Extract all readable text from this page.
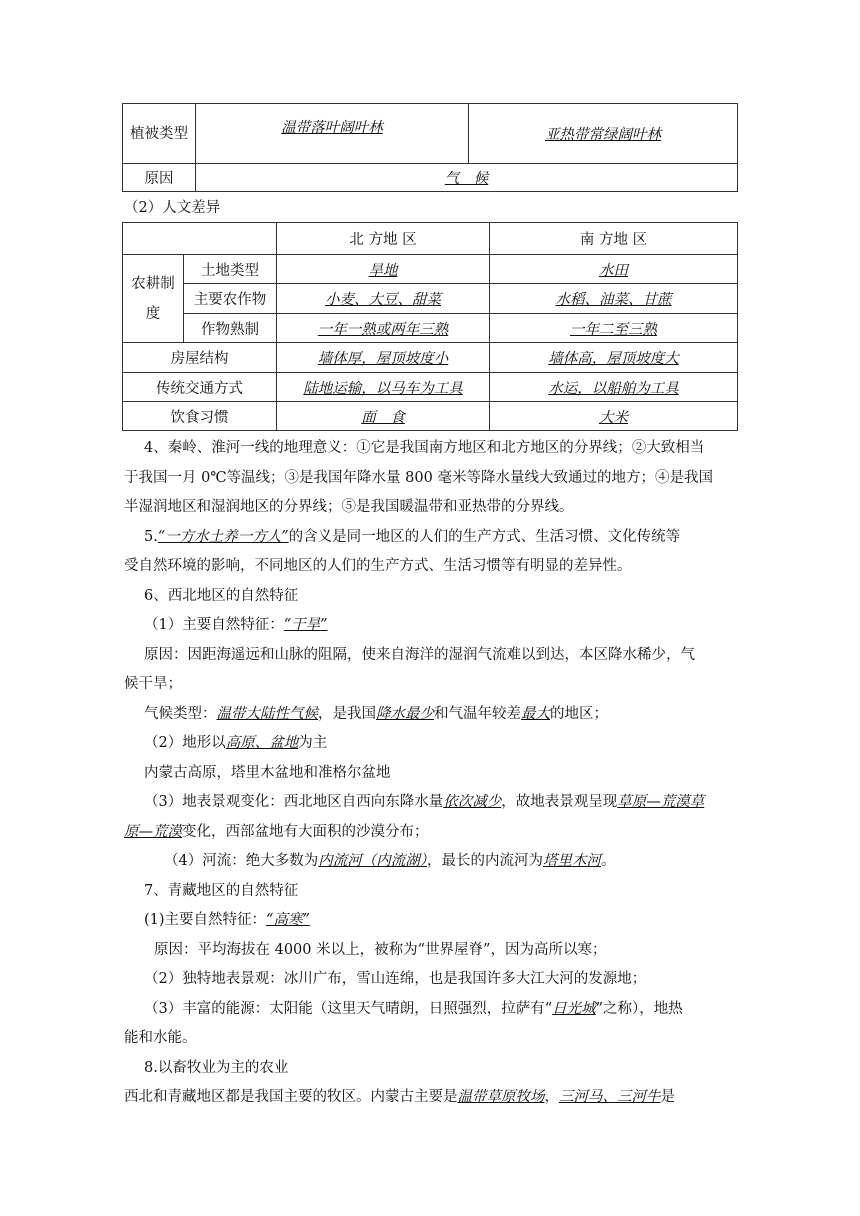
植被类型	温带落叶阔叶林	亚热带常绿阔叶林
原因	气　候	
（2）人文差异
		北 方地 区	南 方地 区
农耕制度	土地类型	旱地	水田
	主要农作物	小麦、大豆、甜菜	水稻、油菜、甘蔗
	作物熟制	一年一熟或两年三熟	一年二至三熟
房屋结构		墙体厚，屋顶坡度小	墙体高，屋顶坡度大
传统交通方式		陆地运输，以马车为工具	水运，以船舶为工具
饮食习惯		面　食	大米
4、秦岭、淮河一线的地理意义：①它是我国南方地区和北方地区的分界线；②大致相当
于我国一月 0℃等温线；③是我国年降水量 800 毫米等降水量线大致通过的地方；④是我国
半湿润地区和湿润地区的分界线；⑤是我国暖温带和亚热带的分界线。
5.“一方水土养一方人”的含义是同一地区的人们的生产方式、生活习惯、文化传统等
受自然环境的影响，不同地区的人们的生产方式、生活习惯等有明显的差异性。
6、西北地区的自然特征
（1）主要自然特征：“干旱”
原因：因距海遥远和山脉的阻隔，使来自海洋的湿润气流难以到达，本区降水稀少，气
候干旱；
气候类型：温带大陆性气候，是我国降水最少和气温年较差最大的地区；
（2）地形以高原、盆地为主
内蒙古高原，塔里木盆地和准格尔盆地
（3）地表景观变化：西北地区自西向东降水量依次减少，故地表景观呈现草原—荒漠草
原—荒漠变化，西部盆地有大面积的沙漠分布；
（4）河流：绝大多数为内流河（内流湖），最长的内流河为塔里木河。
7、青藏地区的自然特征
(1)主要自然特征：“高寒”
原因：平均海拔在 4000 米以上，被称为“世界屋脊”，因为高所以寒；
（2）独特地表景观：冰川广布，雪山连绵，也是我国许多大江大河的发源地；
（3）丰富的能源：太阳能（这里天气晴朗，日照强烈，拉萨有“日光城”之称），地热
能和水能。
8.以畜牧业为主的农业
西北和青藏地区都是我国主要的牧区。内蒙古主要是温带草原牧场，三河马、三河牛是
